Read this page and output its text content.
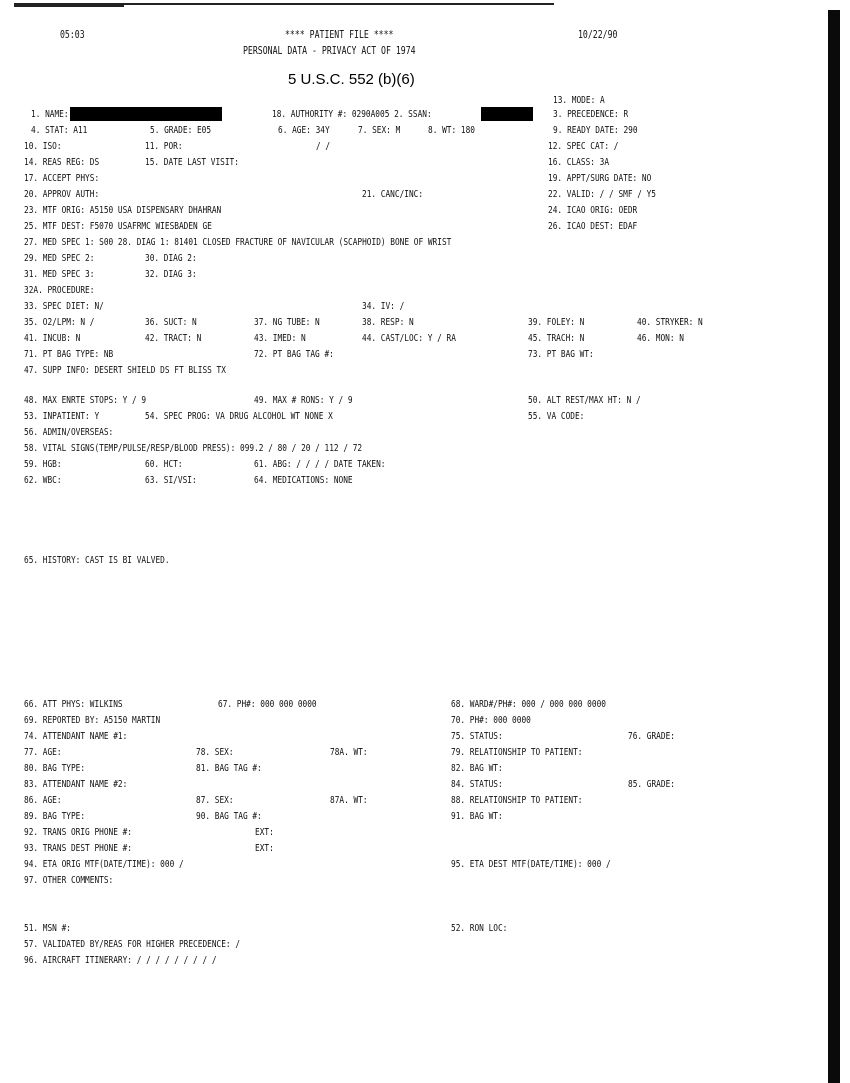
05:03	**** PATIENT FILE ****	10/22/90
PERSONAL DATA - PRIVACY ACT OF 1974
5 U.S.C. 552 (b)(6)
13. MODE: A
1. NAME:	18. AUTHORITY #: 0290A005 2. SSAN:	3. PRECEDENCE: R
4. STAT: A11	5. GRADE: E05	6. AGE: 34Y	7. SEX: M	8. WT: 180	9. READY DATE: 290
10. ISO:	11. POR:	/ /	12. SPEC CAT: /
14. REAS REG: DS	15. DATE LAST VISIT:	16. CLASS: 3A
17. ACCEPT PHYS:	19. APPT/SURG DATE: NO
20. APPROV AUTH:	21. CANC/INC:	22. VALID: / / SMF / Y5
23. MTF ORIG: A5150 USA DISPENSARY DHAHRAN	24. ICAO ORIG: OEDR
25. MTF DEST: F5070 USAFRMC WIESBADEN GE	26. ICAO DEST: EDAF
27. MED SPEC 1: S00 28. DIAG 1: 81401 CLOSED FRACTURE OF NAVICULAR (SCAPHOID) BONE OF WRIST
29. MED SPEC 2:	30. DIAG 2:
31. MED SPEC 3:	32. DIAG 3:
32A. PROCEDURE:
33. SPEC DIET: N/	34. IV: /
35. O2/LPM: N /	36. SUCT: N	37. NG TUBE: N	38. RESP: N	39. FOLEY: N	40. STRYKER: N
41. INCUB: N	42. TRACT: N	43. IMED: N	44. CAST/LOC: Y / RA	45. TRACH: N	46. MON: N
71. PT BAG TYPE: NB	72. PT BAG TAG #:	73. PT BAG WT:
47. SUPP INFO: DESERT SHIELD DS FT BLISS TX
48. MAX ENRTE STOPS: Y / 9	49. MAX # RONS: Y / 9	50. ALT REST/MAX HT: N /
53. INPATIENT: Y	54. SPEC PROG: VA DRUG ALCOHOL WT NONE X	55. VA CODE:
56. ADMIN/OVERSEAS:
58. VITAL SIGNS(TEMP/PULSE/RESP/BLOOD PRESS): 099.2 / 80 / 20 / 112 / 72
59. HGB:	60. HCT:	61. ABG: / / / / DATE TAKEN:
62. WBC:	63. SI/VSI:	64. MEDICATIONS: NONE
65. HISTORY: CAST IS BI VALVED.
66. ATT PHYS: WILKINS	67. PH#: 000 000 0000	68. WARD#/PH#: 000 / 000 000 0000
69. REPORTED BY: A5150 MARTIN	70. PH#: 000 0000
74. ATTENDANT NAME #1:	75. STATUS:	76. GRADE:
77. AGE:	78. SEX:	78A. WT:	79. RELATIONSHIP TO PATIENT:
80. BAG TYPE:	81. BAG TAG #:	82. BAG WT:
83. ATTENDANT NAME #2:	84. STATUS:	85. GRADE:
86. AGE:	87. SEX:	87A. WT:	88. RELATIONSHIP TO PATIENT:
89. BAG TYPE:	90. BAG TAG #:	91. BAG WT:
92. TRANS ORIG PHONE #:	EXT:
93. TRANS DEST PHONE #:	EXT:
94. ETA ORIG MTF(DATE/TIME): 000 /	95. ETA DEST MTF(DATE/TIME): 000 /
97. OTHER COMMENTS:
51. MSN #:	52. RON LOC:
57. VALIDATED BY/REAS FOR HIGHER PRECEDENCE: /
96. AIRCRAFT ITINERARY: / / / / / / / / /
